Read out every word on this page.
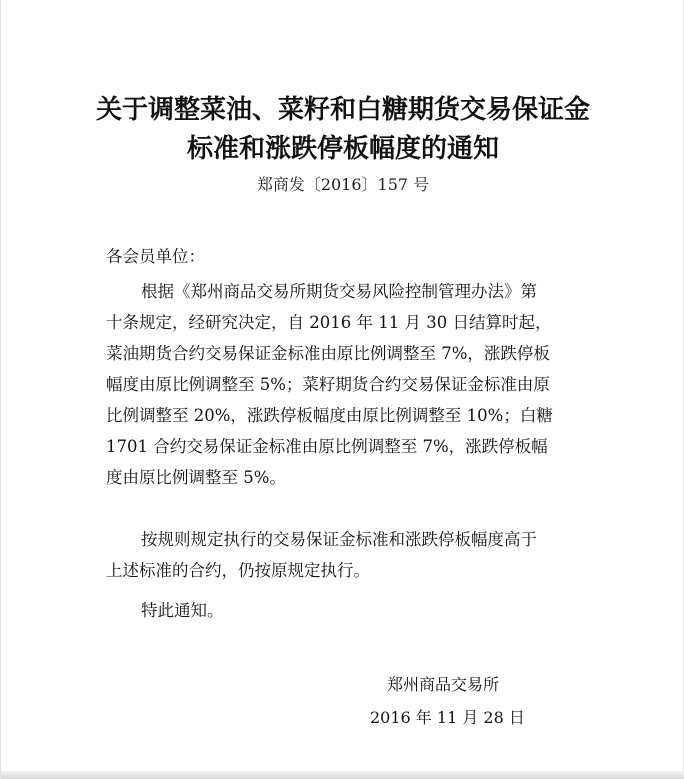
关于调整菜油、菜籽和白糖期货交易保证金
标准和涨跌停板幅度的通知
郑商发〔2016〕157 号
各会员单位：
根据《郑州商品交易所期货交易风险控制管理办法》第
十条规定，经研究决定，自 2016 年 11 月 30 日结算时起，
菜油期货合约交易保证金标准由原比例调整至 7%，涨跌停板
幅度由原比例调整至 5%；菜籽期货合约交易保证金标准由原
比例调整至 20%，涨跌停板幅度由原比例调整至 10%；白糖
1701 合约交易保证金标准由原比例调整至 7%，涨跌停板幅
度由原比例调整至 5%。
按规则规定执行的交易保证金标准和涨跌停板幅度高于
上述标准的合约，仍按原规定执行。
特此通知。
郑州商品交易所
2016 年 11 月 28 日
